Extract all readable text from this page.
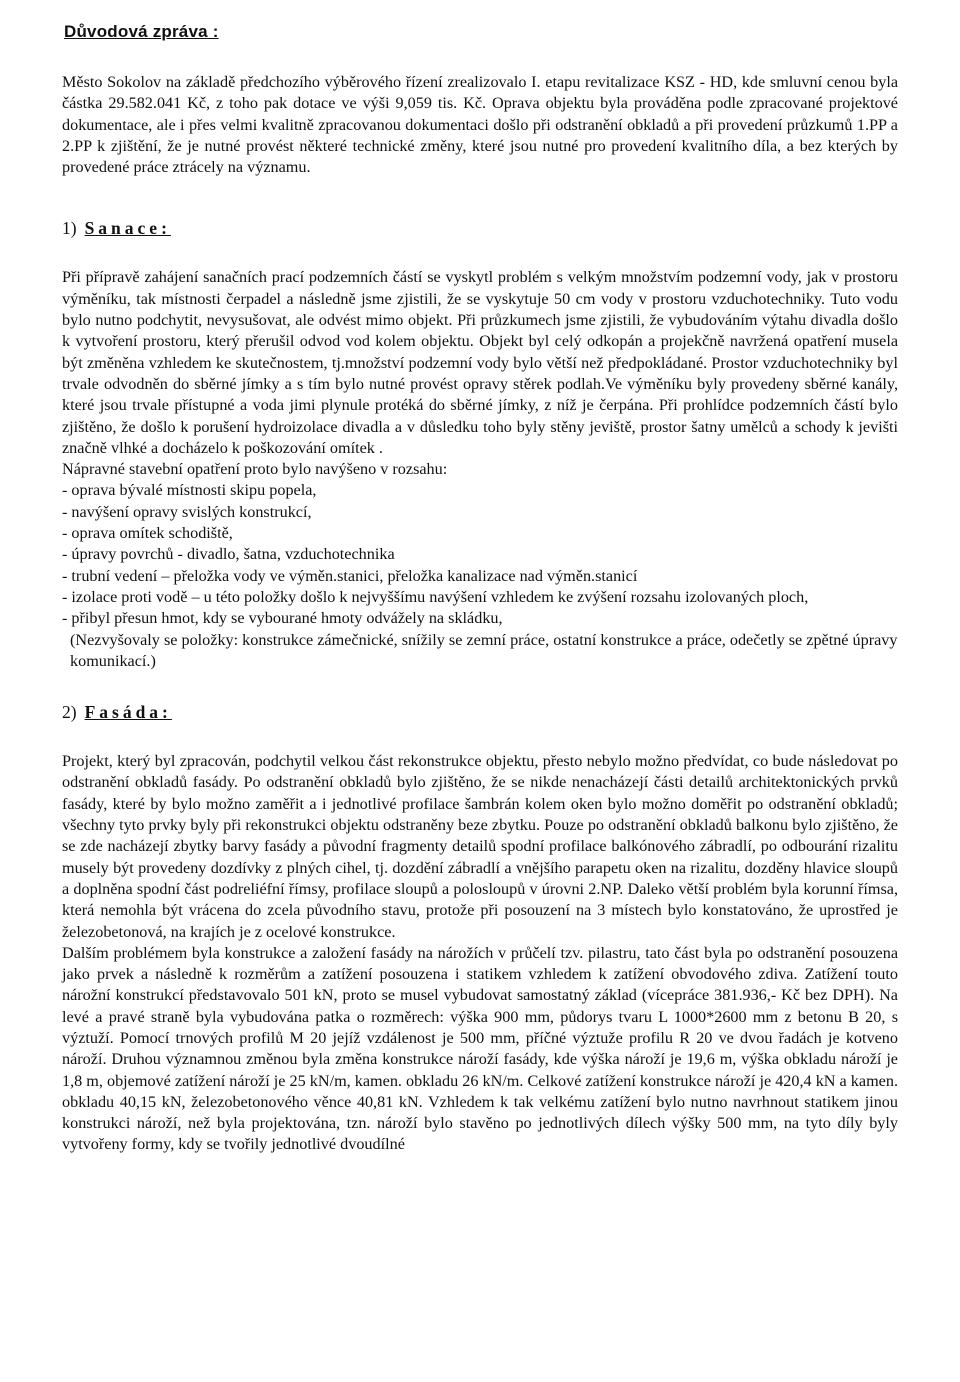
Důvodová zpráva :

Město Sokolov na základě předchozího výběrového řízení zrealizovalo I. etapu revitalizace KSZ - HD, kde smluvní cenou byla částka 29.582.041 Kč, z toho pak dotace ve výši 9,059 tis. Kč. Oprava objektu byla prováděna podle zpracované projektové dokumentace, ale i přes velmi kvalitně zpracovanou dokumentaci došlo při odstranění obkladů a při provedení průzkumů 1.PP a 2.PP k zjištění, že je nutné provést některé technické změny, které jsou nutné pro provedení kvalitního díla, a bez kterých by provedené práce ztrácely na významu.

1) Sanace:

Při přípravě zahájení sanačních prací podzemních částí se vyskytl problém s velkým množstvím podzemní vody, jak v prostoru výměníku, tak místnosti čerpadel a následně jsme zjistili, že se vyskytuje 50 cm vody v prostoru vzduchotechniky. Tuto vodu bylo nutno podchytit, nevysušovat, ale odvést mimo objekt. Při průzkumech jsme zjistili, že vybudováním výtahu divadla došlo k vytvoření prostoru, který přerušil odvod vod kolem objektu. Objekt byl celý odkopán a projekčně navržená opatření musela být změněna vzhledem ke skutečnostem, tj.množství podzemní vody bylo větší než předpokládané. Prostor vzduchotechniky byl trvale odvodněn do sběrné jímky a s tím bylo nutné provést opravy stěrek podlah.Ve výměníku byly provedeny sběrné kanály, které jsou trvale přístupné a voda jimi plynule protéká do sběrné jímky, z níž je čerpána. Při prohlídce podzemních částí bylo zjištěno, že došlo k porušení hydroizolace divadla a v důsledku toho byly stěny jeviště, prostor šatny umělců a schody k jevišti značně vlhké a docházelo k poškozování omítek .

Nápravné stavební opatření proto bylo navýšeno v rozsahu:

- oprava bývalé místnosti skipu popela,
- navýšení opravy svislých konstrukcí,
- oprava omítek schodiště,
- úpravy povrchů - divadlo, šatna, vzduchotechnika
- trubní vedení – přeložka vody ve výměn.stanici, přeložka kanalizace nad výměn.stanicí
- izolace proti vodě – u této položky došlo k nejvyššímu navýšení vzhledem ke zvýšení rozsahu izolovaných ploch,
- přibyl přesun hmot, kdy se vybourané hmoty odvážely na skládku,
(Nezvyšovaly se položky: konstrukce zámečnické, snížily se zemní práce, ostatní konstrukce a práce, odečetly se zpětné úpravy komunikací.)
2) Fasáda:

Projekt, který byl zpracován, podchytil velkou část rekonstrukce objektu, přesto nebylo možno předvídat, co bude následovat po odstranění obkladů fasády. Po odstranění obkladů bylo zjištěno, že se nikde nenacházejí části detailů architektonických prvků fasády, které by bylo možno zaměřit a i jednotlivé profilace šambrán kolem oken bylo možno doměřit po odstranění obkladů; všechny tyto prvky byly při rekonstrukci objektu odstraněny beze zbytku. Pouze po odstranění obkladů balkonu bylo zjištěno, že se zde nacházejí zbytky barvy fasády a původní fragmenty detailů spodní profilace balkónového zábradlí, po odbourání rizalitu musely být provedeny dozdívky z plných cihel, tj. dozdění zábradlí a vnějšího parapetu oken na rizalitu, dozděny hlavice sloupů a doplněna spodní část podreliéfní římsy, profilace sloupů a polosloupů v úrovni 2.NP. Daleko větší problém byla korunní římsa, která nemohla být vrácena do zcela původního stavu, protože při posouzení na 3 místech bylo konstatováno, že uprostřed je železobetonová, na krajích je z ocelové konstrukce.

Dalším problémem byla konstrukce a založení fasády na nárožích v průčelí tzv. pilastru, tato část byla po odstranění posouzena jako prvek a následně k rozměrům a zatížení posouzena i statikem vzhledem k zatížení obvodového zdiva. Zatížení touto nárožní konstrukcí představovalo 501 kN, proto se musel vybudovat samostatný základ (vícepráce 381.936,- Kč bez DPH). Na levé a pravé straně byla vybudována patka o rozměrech: výška 900 mm, půdorys tvaru L 1000*2600 mm z betonu B 20, s výztuží. Pomocí trnových profilů M 20 jejíž vzdálenost je 500 mm, příčné výztuže profilu R 20 ve dvou řadách je kotveno nároží. Druhou významnou změnou byla změna konstrukce nároží fasády, kde výška nároží je 19,6 m, výška obkladu nároží je 1,8 m, objemové zatížení nároží je 25 kN/m, kamen. obkladu 26 kN/m. Celkové zatížení konstrukce nároží je 420,4 kN a kamen. obkladu 40,15 kN, železobetonového věnce 40,81 kN. Vzhledem k tak velkému zatížení bylo nutno navrhnout statikem jinou konstrukci nároží, než byla projektována, tzn. nároží bylo stavěno po jednotlivých dílech výšky 500 mm, na tyto díly byly vytvořeny formy, kdy se tvořily jednotlivé dvoudílné
